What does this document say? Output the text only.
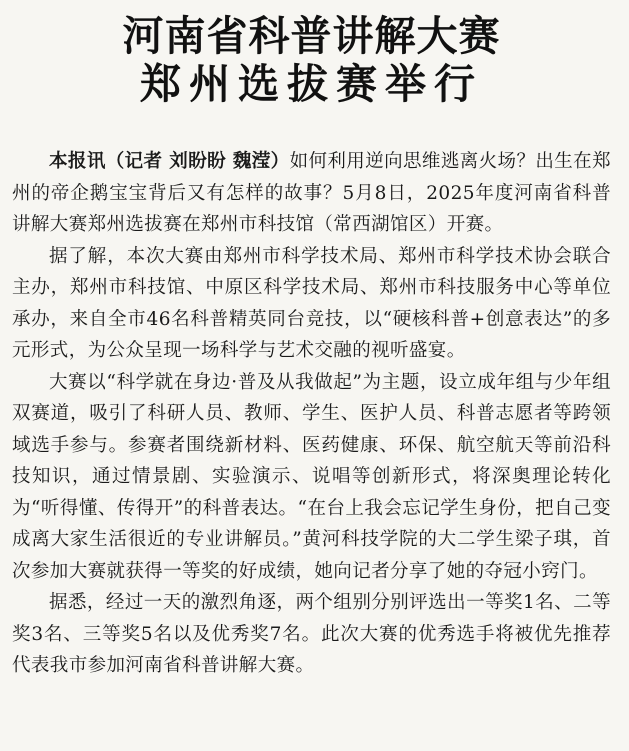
河南省科普讲解大赛
郑州选拔赛举行

本报讯（记者 刘盼盼 魏滢）如何利用逆向思维逃离火场？出生在郑州的帝企鹅宝宝背后又有怎样的故事？5月8日，2025年度河南省科普讲解大赛郑州选拔赛在郑州市科技馆（常西湖馆区）开赛。

据了解，本次大赛由郑州市科学技术局、郑州市科学技术协会联合主办，郑州市科技馆、中原区科学技术局、郑州市科技服务中心等单位承办，来自全市46名科普精英同台竞技，以“硬核科普+创意表达”的多元形式，为公众呈现一场科学与艺术交融的视听盛宴。

大赛以“科学就在身边·普及从我做起”为主题，设立成年组与少年组双赛道，吸引了科研人员、教师、学生、医护人员、科普志愿者等跨领域选手参与。参赛者围绕新材料、医药健康、环保、航空航天等前沿科技知识，通过情景剧、实验演示、说唱等创新形式，将深奥理论转化为“听得懂、传得开”的科普表达。“在台上我会忘记学生身份，把自己变成离大家生活很近的专业讲解员。”黄河科技学院的大二学生梁子琪，首次参加大赛就获得一等奖的好成绩，她向记者分享了她的夺冠小窍门。

据悉，经过一天的激烈角逐，两个组别分别评选出一等奖1名、二等奖3名、三等奖5名以及优秀奖7名。此次大赛的优秀选手将被优先推荐代表我市参加河南省科普讲解大赛。
